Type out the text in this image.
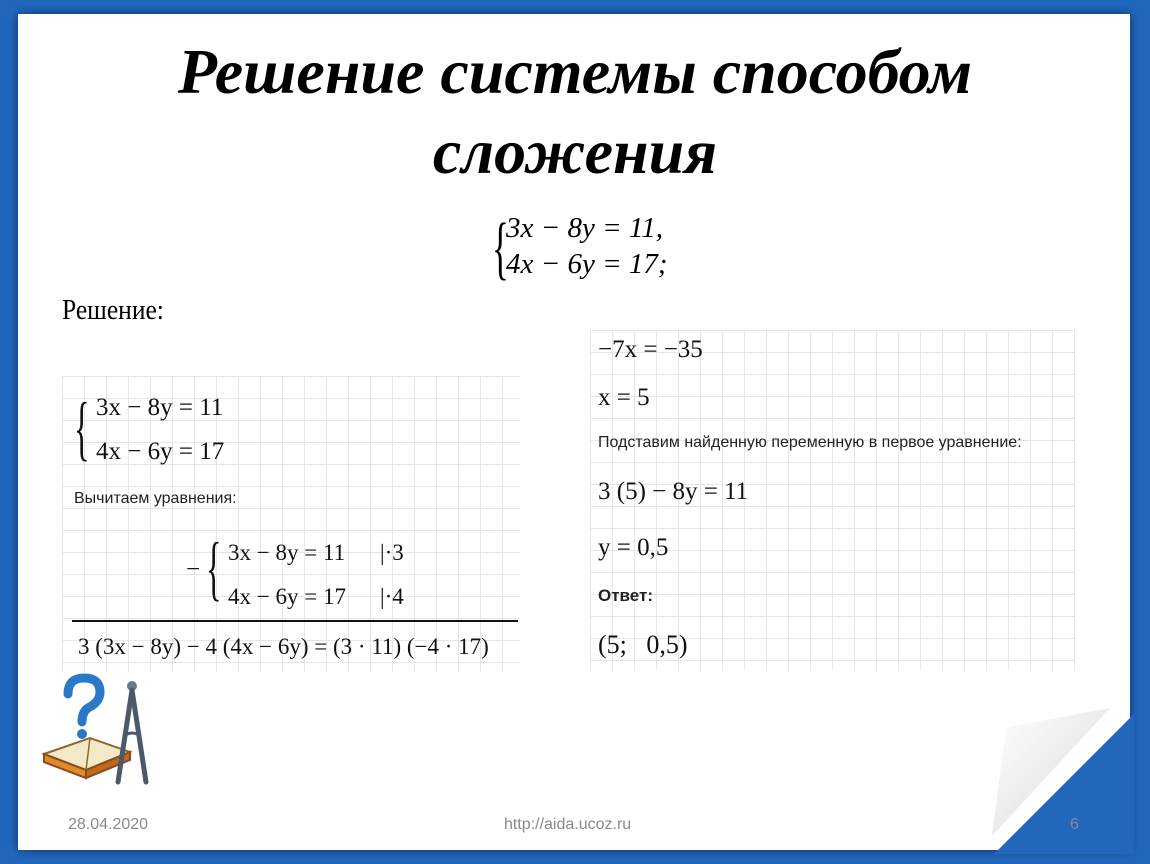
Решение системы способом
сложения
{
3x − 8y = 11,
4x − 6y = 17;
Решение:
{ 3x − 8y = 11
4x − 6y = 17
Вычитаем уравнения:
− { 3x − 8y = 11 |·3
4x − 6y = 17 |·4
3 (3x − 8y) − 4 (4x − 6y) = (3 · 11) (−4 · 17)
−7x = −35
x = 5
Подставим найденную переменную в первое уравнение:
3 (5) − 8y = 11
y = 0,5
Ответ:
(5;   0,5)
28.04.2020	http://aida.ucoz.ru	6
